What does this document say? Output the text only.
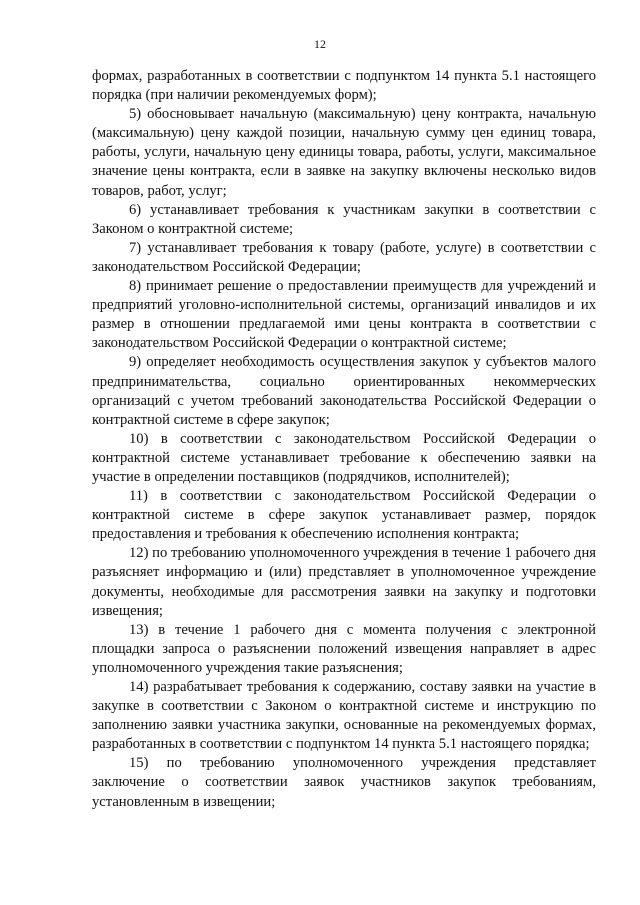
12

формах, разработанных в соответствии с подпунктом 14 пункта 5.1 настоящего порядка (при наличии рекомендуемых форм);

5) обосновывает начальную (максимальную) цену контракта, начальную (максимальную) цену каждой позиции, начальную сумму цен единиц товара, работы, услуги, начальную цену единицы товара, работы, услуги, максимальное значение цены контракта, если в заявке на закупку включены несколько видов товаров, работ, услуг;

6) устанавливает требования к участникам закупки в соответствии с Законом о контрактной системе;

7) устанавливает требования к товару (работе, услуге) в соответствии с законодательством Российской Федерации;

8) принимает решение о предоставлении преимуществ для учреждений и предприятий уголовно-исполнительной системы, организаций инвалидов и их размер в отношении предлагаемой ими цены контракта в соответствии с законодательством Российской Федерации о контрактной системе;

9) определяет необходимость осуществления закупок у субъектов малого предпринимательства, социально ориентированных некоммерческих организаций с учетом требований законодательства Российской Федерации о контрактной системе в сфере закупок;

10) в соответствии с законодательством Российской Федерации о контрактной системе устанавливает требование к обеспечению заявки на участие в определении поставщиков (подрядчиков, исполнителей);

11) в соответствии с законодательством Российской Федерации о контрактной системе в сфере закупок устанавливает размер, порядок предоставления и требования к обеспечению исполнения контракта;

12) по требованию уполномоченного учреждения в течение 1 рабочего дня разъясняет информацию и (или) представляет в уполномоченное учреждение документы, необходимые для рассмотрения заявки на закупку и подготовки извещения;

13) в течение 1 рабочего дня с момента получения с электронной площадки запроса о разъяснении положений извещения направляет в адрес уполномоченного учреждения такие разъяснения;

14) разрабатывает требования к содержанию, составу заявки на участие в закупке в соответствии с Законом о контрактной системе и инструкцию по заполнению заявки участника закупки, основанные на рекомендуемых формах, разработанных в соответствии с подпунктом 14 пункта 5.1 настоящего порядка;

15) по требованию уполномоченного учреждения представляет заключение о соответствии заявок участников закупок требованиям, установленным в извещении;
